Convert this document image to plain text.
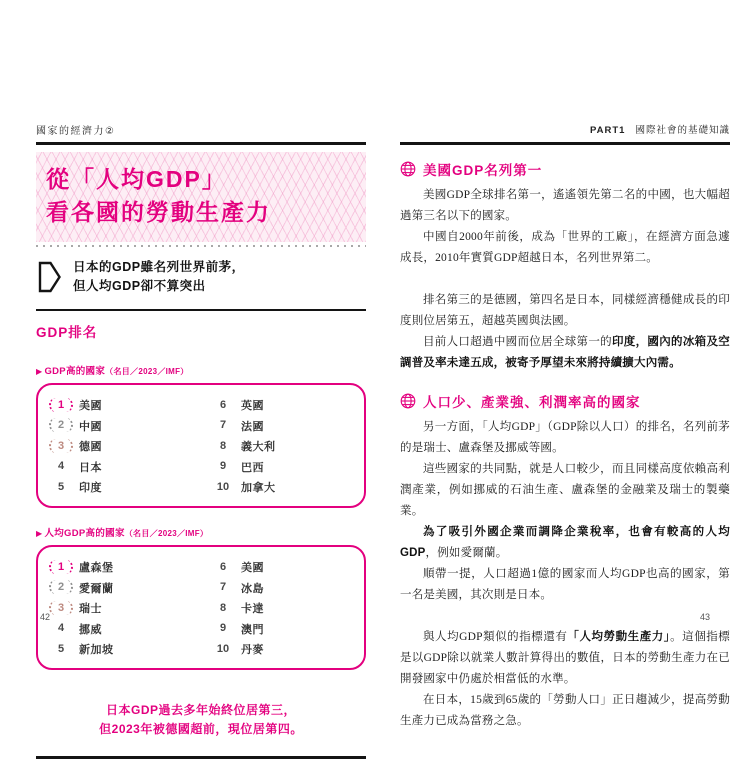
國家的經濟力②
從「人均GDP」
看各國的勞動生產力
日本的GDP雖名列世界前茅，
但人均GDP卻不算突出
GDP排名
▶ GDP高的國家（名目／2023／IMF）
1	美國
2	中國
3	德國
4	日本
5	印度
6	英國
7	法國
8	義大利
9	巴西
10 加拿大
▶ 人均GDP高的國家（名目／2023／IMF）
1	盧森堡
2	愛爾蘭
3	瑞士
4	挪威
5	新加坡
6	美國
7	冰島
8	卡達
9	澳門
10 丹麥
日本GDP過去多年始終位居第三，
但2023年被德國超前，現位居第四。
PART1 國際社會的基礎知識
美國GDP名列第一

美國GDP全球排名第一，遙遙領先第二名的中國，也大幅超過第三名以下的國家。

中國自2000年前後，成為「世界的工廠」，在經濟方面急遽成長，2010年實質GDP超越日本，名列世界第二。

排名第三的是德國，第四名是日本，同樣經濟穩健成長的印度則位居第五，超越英國與法國。

目前人口超過中國而位居全球第一的印度，國內的冰箱及空調普及率未達五成，被寄予厚望未來將持續擴大內需。

人口少、產業強、利潤率高的國家

另一方面，「人均GDP」（GDP除以人口）的排名，名列前茅的是瑞士、盧森堡及挪威等國。

這些國家的共同點，就是人口較少，而且同樣高度依賴高利潤產業，例如挪威的石油生產、盧森堡的金融業及瑞士的製藥業。

為了吸引外國企業而調降企業稅率，也會有較高的人均GDP，例如愛爾蘭。

順帶一提，人口超過1億的國家而人均GDP也高的國家，第一名是美國，其次則是日本。

與人均GDP類似的指標還有「人均勞動生產力」。這個指標是以GDP除以就業人數計算得出的數值，日本的勞動生產力在已開發國家中仍處於相當低的水準。

在日本，15歲到65歲的「勞動人口」正日趨減少，提高勞動生產力已成為當務之急。

42	43
